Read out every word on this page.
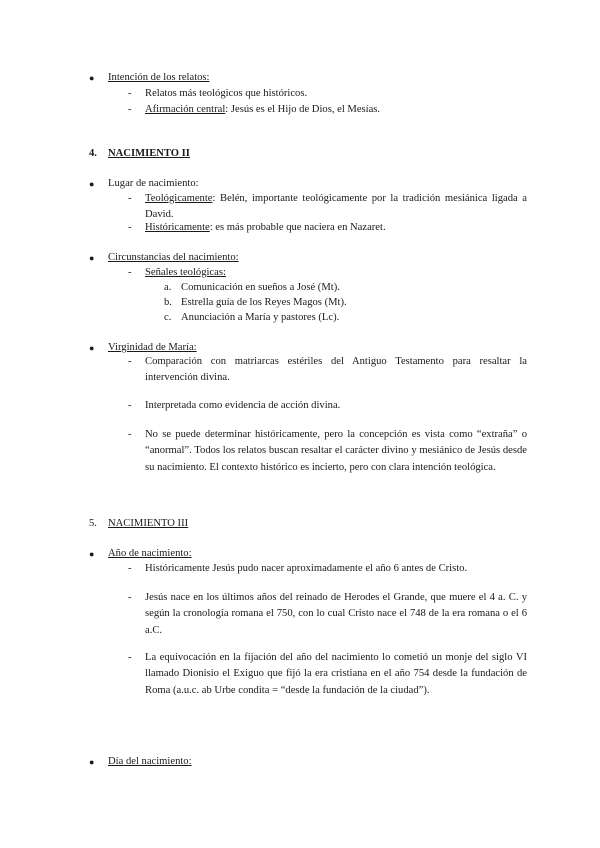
● Intención de los relatos:
- Relatos más teológicos que históricos.
- Afirmación central: Jesús es el Hijo de Dios, el Mesías.
4. NACIMIENTO II
● Lugar de nacimiento:
- Teológicamente: Belén, importante teológicamente por la tradición mesiánica ligada a David.
- Históricamente: es más probable que naciera en Nazaret.
● Circunstancias del nacimiento:
- Señales teológicas:
a. Comunicación en sueños a José (Mt).
b. Estrella guía de los Reyes Magos (Mt).
c. Anunciación a María y pastores (Lc).
● Virginidad de María:
- Comparación con matriarcas estériles del Antiguo Testamento para resaltar la intervención divina.
- Interpretada como evidencia de acción divina.
- No se puede determinar históricamente, pero la concepción es vista como “extraña” o “anormal”. Todos los relatos buscan resaltar el carácter divino y mesiánico de Jesús desde su nacimiento. El contexto histórico es incierto, pero con clara intención teológica.
5. NACIMIENTO III
● Año de nacimiento:
- Históricamente Jesús pudo nacer aproximadamente el año 6 antes de Cristo.
- Jesús nace en los últimos años del reinado de Herodes el Grande, que muere el 4 a. C. y según la cronología romana el 750, con lo cual Cristo nace el 748 de la era romana o el 6 a.C.
- La equivocación en la fijación del año del nacimiento lo cometió un monje del siglo VI llamado Dionisio el Exiguo que fijó la era cristiana en el año 754 desde la fundación de Roma (a.u.c. ab Urbe condita = “desde la fundación de la ciudad”).
● Día del nacimiento:
